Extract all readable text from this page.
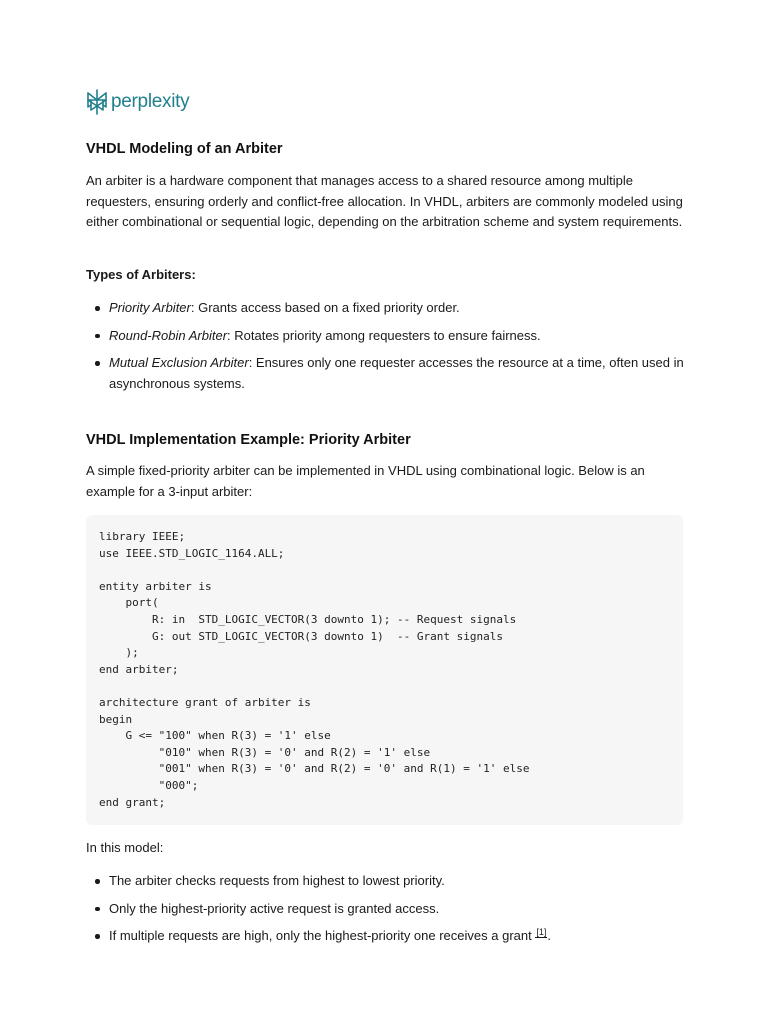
perplexity
VHDL Modeling of an Arbiter

An arbiter is a hardware component that manages access to a shared resource among multiple requesters, ensuring orderly and conflict-free allocation. In VHDL, arbiters are commonly modeled using either combinational or sequential logic, depending on the arbitration scheme and system requirements.

Types of Arbiters:

Priority Arbiter: Grants access based on a fixed priority order.
Round-Robin Arbiter: Rotates priority among requesters to ensure fairness.
Mutual Exclusion Arbiter: Ensures only one requester accesses the resource at a time, often used in asynchronous systems.
VHDL Implementation Example: Priority Arbiter

A simple fixed-priority arbiter can be implemented in VHDL using combinational logic. Below is an example for a 3-input arbiter:

library IEEE;
use IEEE.STD_LOGIC_1164.ALL;

entity arbiter is
port(
R: in  STD_LOGIC_VECTOR(3 downto 1); -- Request signals
G: out STD_LOGIC_VECTOR(3 downto 1)  -- Grant signals
);
end arbiter;

architecture grant of arbiter is
begin
G <= "100" when R(3) = '1' else
"010" when R(3) = '0' and R(2) = '1' else
"001" when R(3) = '0' and R(2) = '0' and R(1) = '1' else
"000";
end grant;

In this model:

The arbiter checks requests from highest to lowest priority.
Only the highest-priority active request is granted access.
If multiple requests are high, only the highest-priority one receives a grant [1].
